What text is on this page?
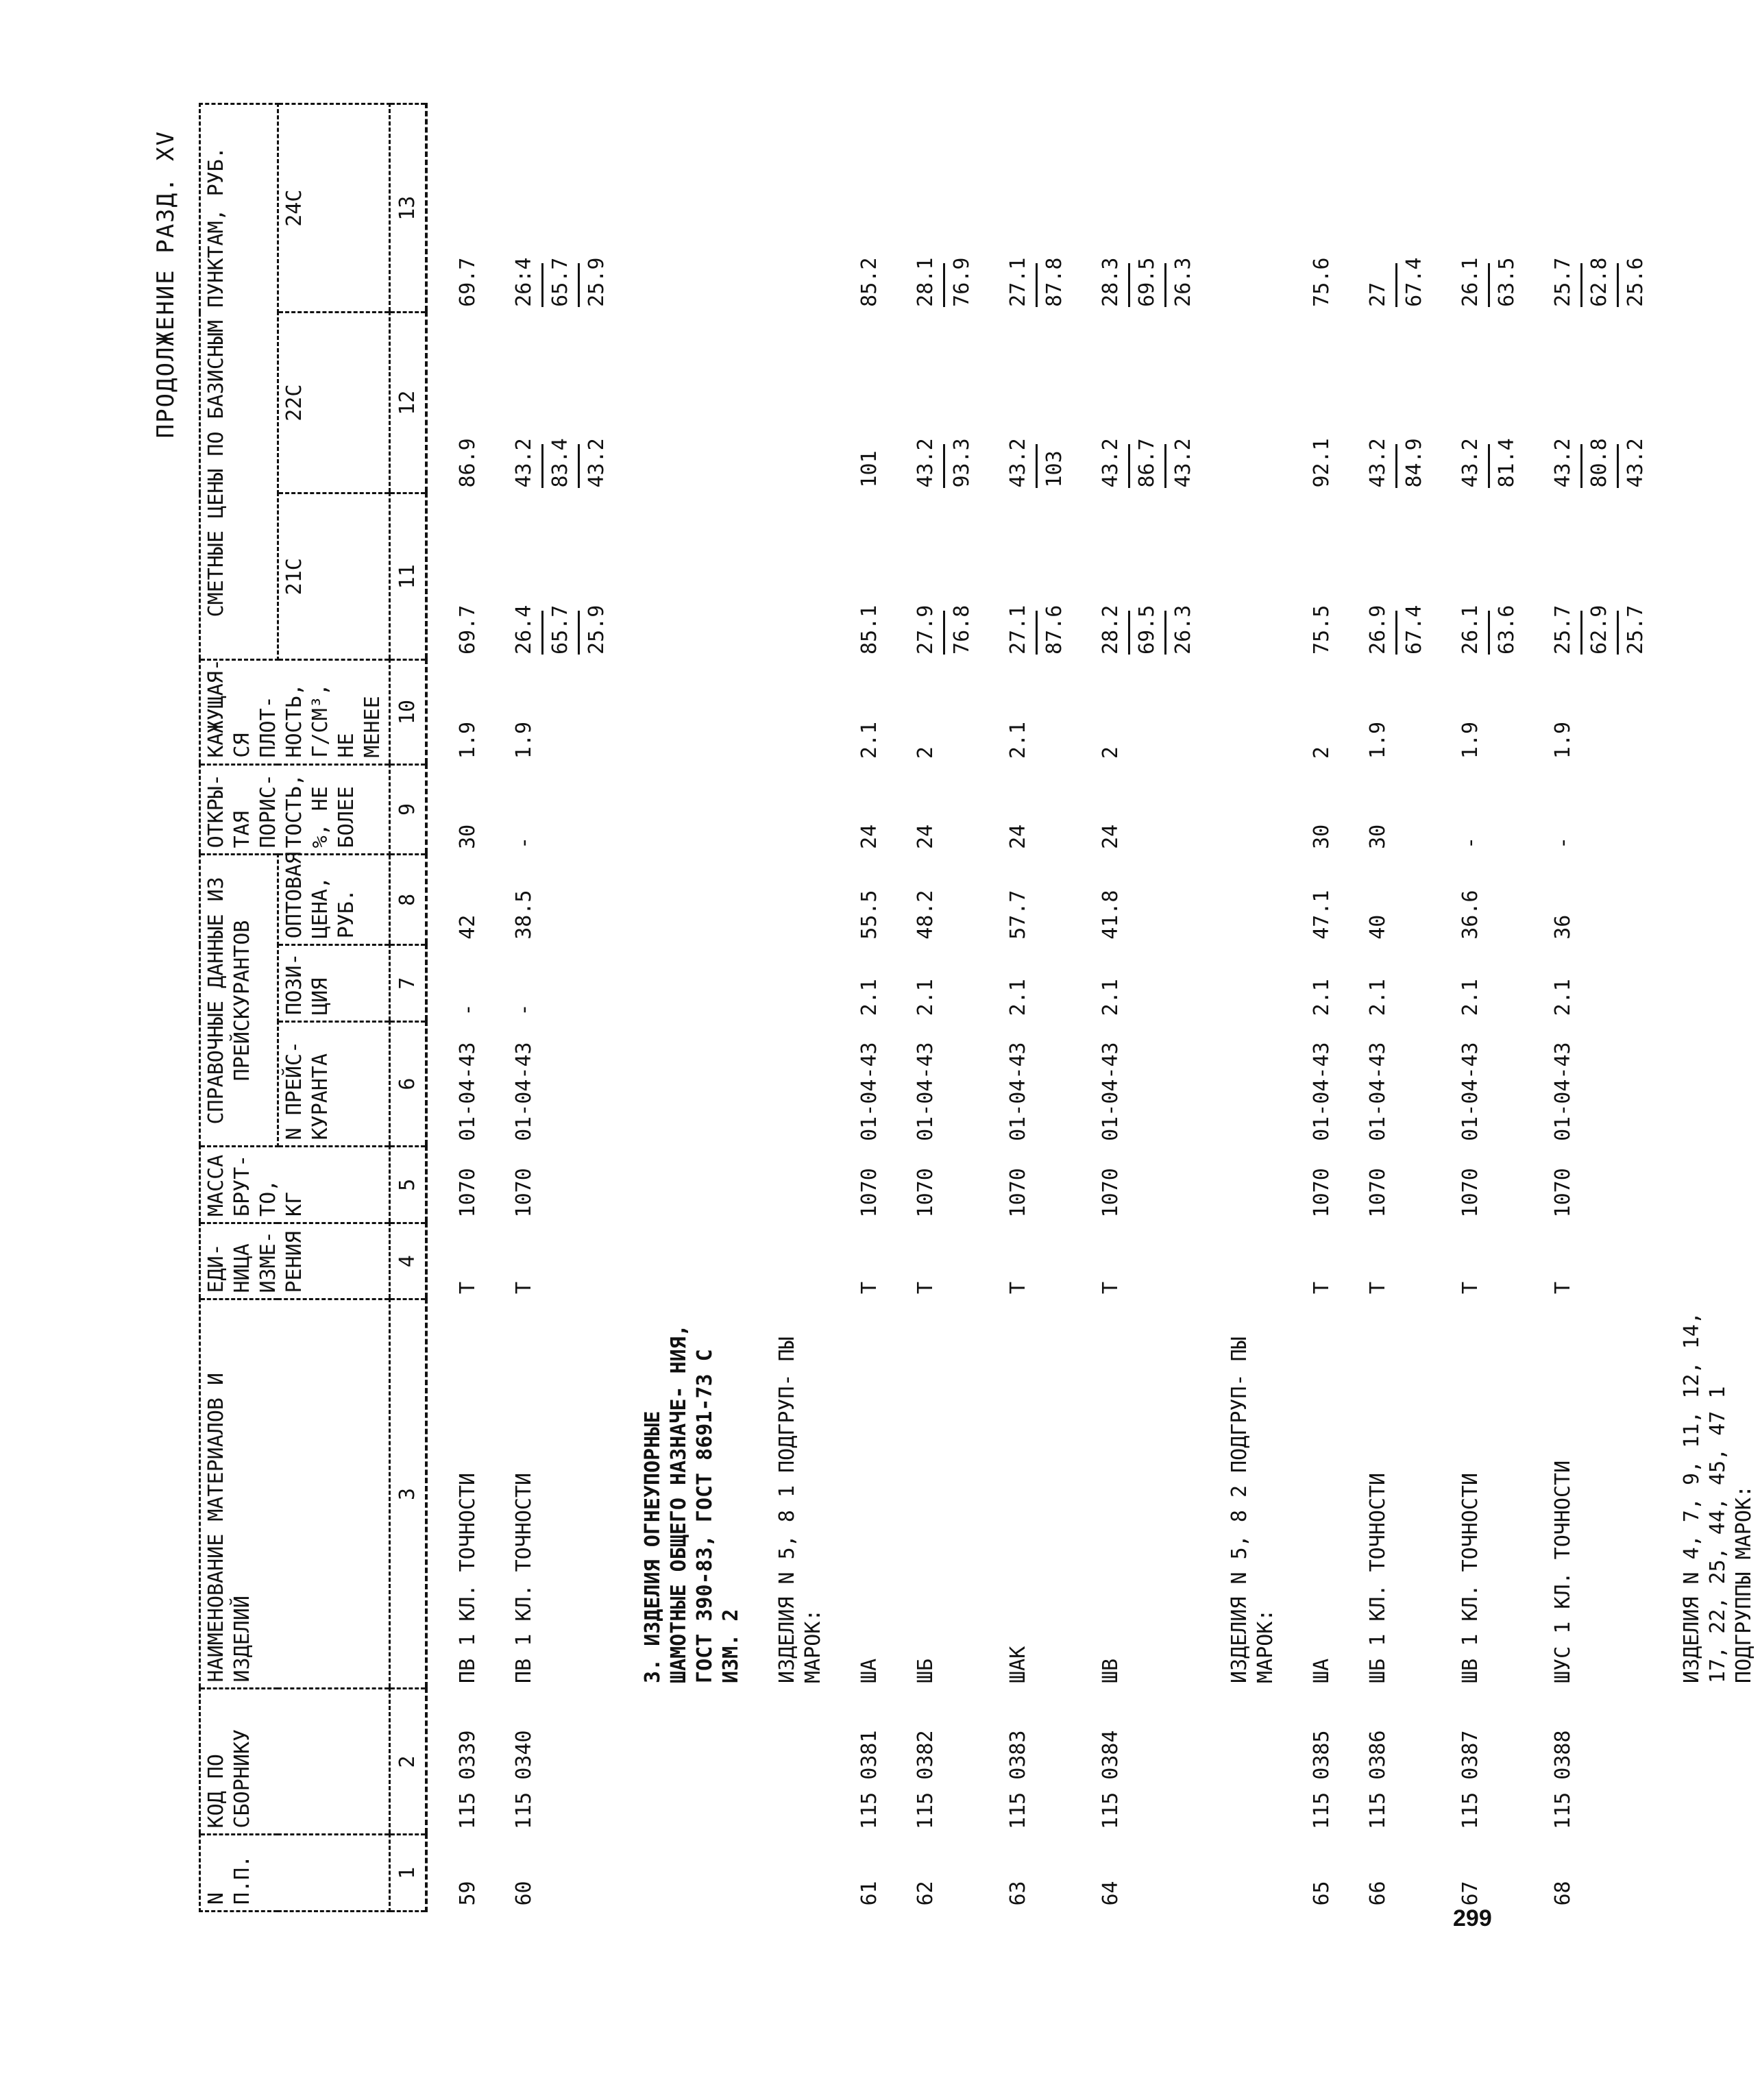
ПРОДОЛЖЕНИЕ РАЗД. XV
N П.П.	КОД ПО СБОРНИКУ	НАИМЕНОВАНИЕ МАТЕРИАЛОВ И ИЗДЕЛИЙ	ЕДИ- НИЦА ИЗМЕ- РЕНИЯ	МАССА БРУТ- ТО, КГ	СПРАВОЧНЫЕ ДАННЫЕ ИЗ ПРЕЙСКУРАНТОВ			ОТКРЫ- ТАЯ ПОРИС- ТОСТЬ, %, НЕ БОЛЕЕ	КАЖУЩАЯ- СЯ ПЛОТ- НОСТЬ, Г/СМ³, НЕ МЕНЕЕ	СМЕТНЫЕ ЦЕНЫ ПО БАЗИСНЫМ ПУНКТАМ, РУБ.		
					N ПРЕЙС- КУРАНТА	ПОЗИ- ЦИЯ	ОПТОВАЯ ЦЕНА, РУБ.			21С	22С	24С
1	2	3	4	5	6	7	8	9	10	11	12	13

59	115 0339	ПВ 1 КЛ. ТОЧНОСТИ	Т	1070	01-04-43	-	42	30	1.9	69.7	86.9	69.7

60	115 0340	ПВ 1 КЛ. ТОЧНОСТИ	Т	1070	01-04-43	-	38.5	-	1.9	26.4 65.7 25.9	43.2 83.4 43.2	26:4 65.7 25.9

		3. ИЗДЕЛИЯ ОГНЕУПОРНЫЕ ШАМОТНЫЕ ОБЩЕГО НАЗНАЧЕ- НИЯ, ГОСТ 390-83, ГОСТ 8691-73 С ИЗМ. 2										

		ИЗДЕЛИЯ N 5, 8 1 ПОДГРУП- ПЫ МАРОК:										

61	115 0381	ША	Т	1070	01-04-43	2.1	55.5	24	2.1	85.1	101	85.2

62	115 0382	ШБ	Т	1070	01-04-43	2.1	48.2	24	2	27.9 76.8	43.2 93.3	28.1 76.9

63	115 0383	ШАК	Т	1070	01-04-43	2.1	57.7	24	2.1	27.1 87.6	43.2 103	27.1 87.8

64	115 0384	ШВ	Т	1070	01-04-43	2.1	41.8	24	2	28.2 69.5 26.3	43.2 86.7 43.2	28.3 69.5 26.3

		ИЗДЕЛИЯ N 5, 8 2 ПОДГРУП- ПЫ МАРОК:										

65	115 0385	ША	Т	1070	01-04-43	2.1	47.1	30	2	75.5	92.1	75.6

66	115 0386	ШБ 1 КЛ. ТОЧНОСТИ	Т	1070	01-04-43	2.1	40	30	1.9	26.9 67.4	43.2 84.9	27 67.4

67	115 0387	ШВ 1 КЛ. ТОЧНОСТИ	Т	1070	01-04-43	2.1	36.6	-	1.9	26.1 63.6	43.2 81.4	26.1 63.5

68	115 0388	ШУС 1 КЛ. ТОЧНОСТИ	Т	1070	01-04-43	2.1	36	-	1.9	25.7 62.9 25.7	43.2 80.8 43.2	25.7 62.8 25.6

		ИЗДЕЛИЯ N 4, 7, 9, 11, 12, 14, 17, 22, 25, 44, 45, 47 1 ПОДГРУППЫ МАРОК:										
299
